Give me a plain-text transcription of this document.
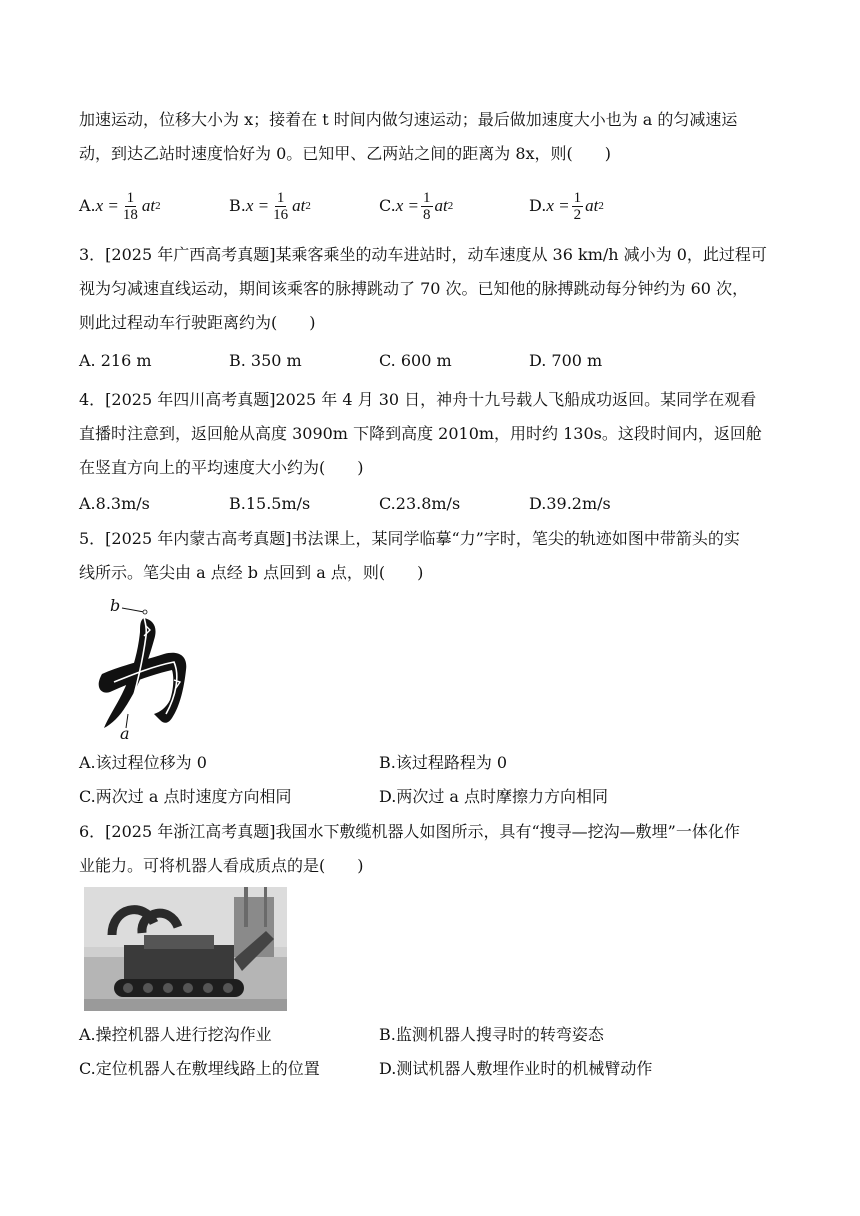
加速运动，位移大小为 x；接着在 t 时间内做匀速运动；最后做加速度大小也为 a 的匀减速运
动，到达乙站时速度恰好为 0。已知甲、乙两站之间的距离为 8x，则(　　)
A. $x = \frac{1}{18}$ at 2	B. $x = \frac{1}{16}$ at 2	C. $x = \frac{1}{8}$ at 2	D. $x = \frac{1}{2}$ at 2
3．[2025 年广西高考真题]某乘客乘坐的动车进站时，动车速度从 36 km/h 减小为 0，此过程可
视为匀减速直线运动，期间该乘客的脉搏跳动了 70 次。已知他的脉搏跳动每分钟约为 60 次，
则此过程动车行驶距离约为(　　)
A. 216 m	B. 350 m	C. 600 m	D. 700 m
4．[2025 年四川高考真题]2025 年 4 月 30 日，神舟十九号载人飞船成功返回。某同学在观看
直播时注意到，返回舱从高度 3090m 下降到高度 2010m，用时约 130s。这段时间内，返回舱
在竖直方向上的平均速度大小约为(　　)
A.8.3m/s	B.15.5m/s	C.23.8m/s	D.39.2m/s
5．[2025 年内蒙古高考真题]书法课上，某同学临摹“力”字时，笔尖的轨迹如图中带箭头的实
线所示。笔尖由 a 点经 b 点回到 a 点，则(　　)
b
a
A.该过程位移为 0	B.该过程路程为 0
C.两次过 a 点时速度方向相同	D.两次过 a 点时摩擦力方向相同
6．[2025 年浙江高考真题]我国水下敷缆机器人如图所示，具有“搜寻—挖沟—敷埋”一体化作
业能力。可将机器人看成质点的是(　　)
A.操控机器人进行挖沟作业	B.监测机器人搜寻时的转弯姿态
C.定位机器人在敷埋线路上的位置	D.测试机器人敷埋作业时的机械臂动作
